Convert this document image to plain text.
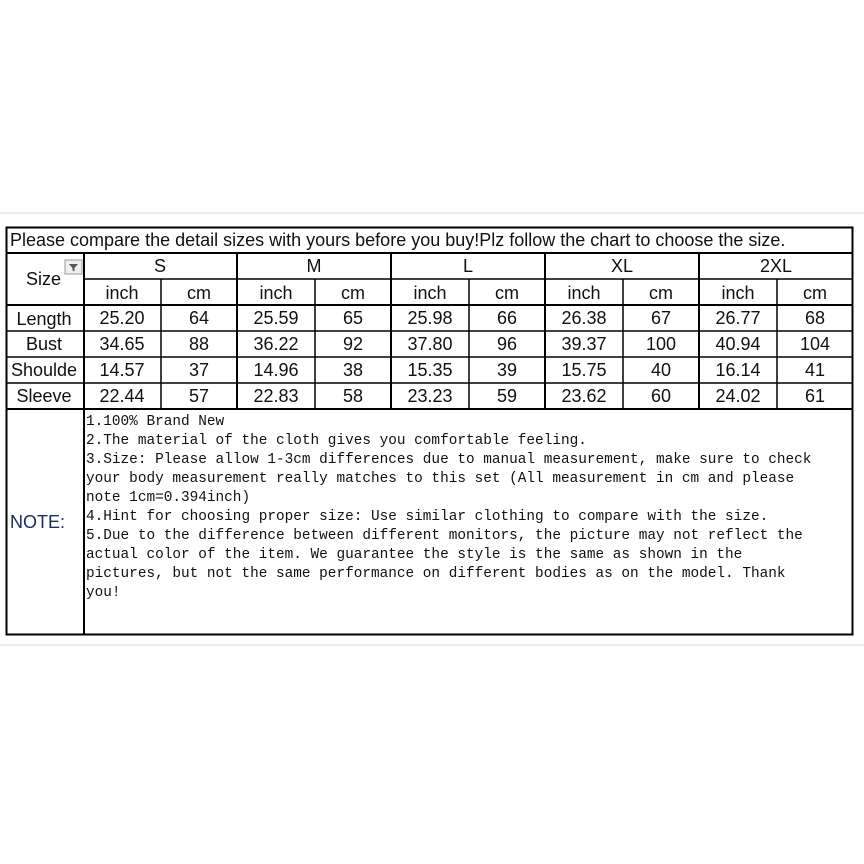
Please compare the detail sizes with yours before you buy!Plz follow the chart to choose the size.
Size
S	M	L	XL	2XL
inch	cm	inch	cm	inch	cm	inch	cm	inch	cm
Length 25.20 64 25.59 65 25.98 66 26.38 67 26.77 68
Bust 34.65 88 36.22 92 37.80 96 39.37 100 40.94 104
Shoulde 14.57 37 14.96 38 15.35 39 15.75 40 16.14 41
Sleeve 22.44 57 22.83 58 23.23 59 23.62 60 24.02 61
NOTE:
1.100% Brand New
2.The material of the cloth gives you comfortable feeling.
3.Size: Please allow 1-3cm differences due to manual measurement, make sure to check
your body measurement really matches to this set (All measurement in cm and please
note 1cm=0.394inch)
4.Hint for choosing proper size: Use similar clothing to compare with the size.
5.Due to the difference between different monitors, the picture may not reflect the
actual color of the item. We guarantee the style is the same as shown in the
pictures, but not the same performance on different bodies as on the model. Thank
you!
